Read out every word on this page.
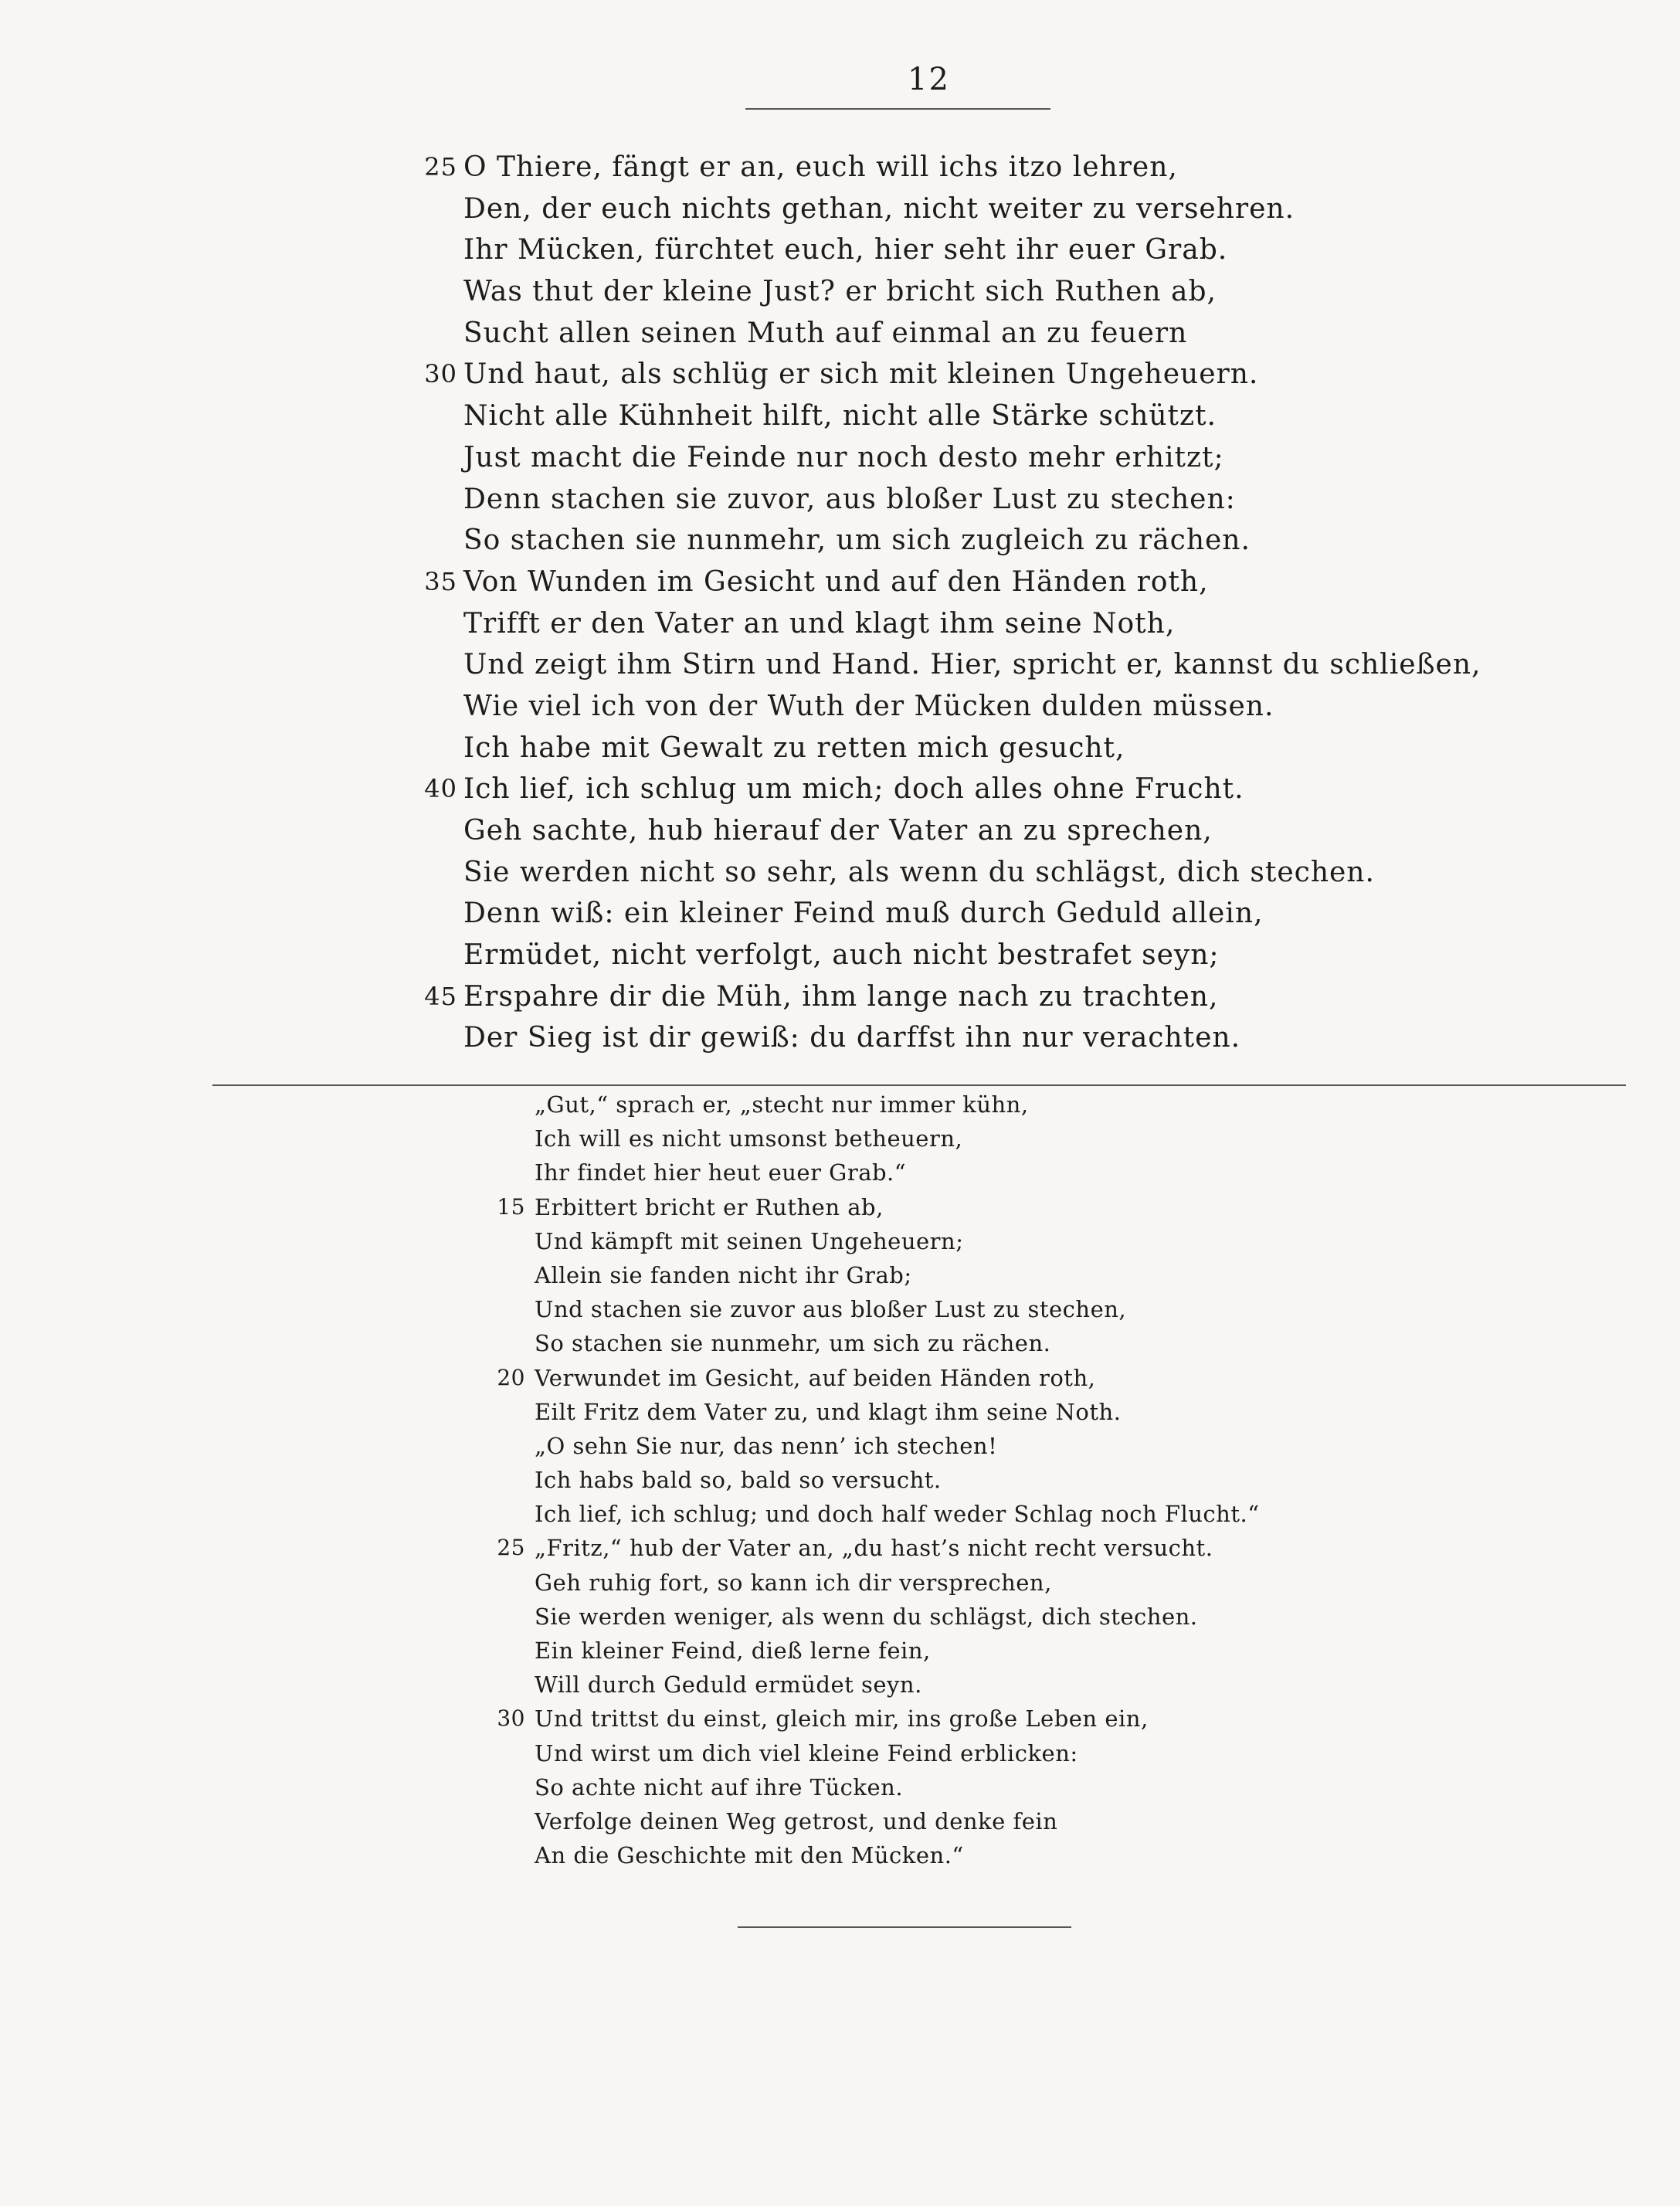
12
25 O Thiere, fängt er an, euch will ichs itzo lehren,
Den, der euch nichts gethan, nicht weiter zu versehren.
Ihr Mücken, fürchtet euch, hier seht ihr euer Grab.
Was thut der kleine Just? er bricht sich Ruthen ab,
Sucht allen seinen Muth auf einmal an zu feuern
30 Und haut, als schlüg er sich mit kleinen Ungeheuern.
Nicht alle Kühnheit hilft, nicht alle Stärke schützt.
Just macht die Feinde nur noch desto mehr erhitzt;
Denn stachen sie zuvor, aus bloßer Lust zu stechen:
So stachen sie nunmehr, um sich zugleich zu rächen.
35 Von Wunden im Gesicht und auf den Händen roth,
Trifft er den Vater an und klagt ihm seine Noth,
Und zeigt ihm Stirn und Hand. Hier, spricht er, kannst du schließen,
Wie viel ich von der Wuth der Mücken dulden müssen.
Ich habe mit Gewalt zu retten mich gesucht,
40 Ich lief, ich schlug um mich; doch alles ohne Frucht.
Geh sachte, hub hierauf der Vater an zu sprechen,
Sie werden nicht so sehr, als wenn du schlägst, dich stechen.
Denn wiß: ein kleiner Feind muß durch Geduld allein,
Ermüdet, nicht verfolgt, auch nicht bestrafet seyn;
45 Erspahre dir die Müh, ihm lange nach zu trachten,
Der Sieg ist dir gewiß: du darffst ihn nur verachten.
„Gut,“ sprach er, „stecht nur immer kühn,
Ich will es nicht umsonst betheuern,
Ihr findet hier heut euer Grab.“
15 Erbittert bricht er Ruthen ab,
Und kämpft mit seinen Ungeheuern;
Allein sie fanden nicht ihr Grab;
Und stachen sie zuvor aus bloßer Lust zu stechen,
So stachen sie nunmehr, um sich zu rächen.
20 Verwundet im Gesicht, auf beiden Händen roth,
Eilt Fritz dem Vater zu, und klagt ihm seine Noth.
„O sehn Sie nur, das nenn’ ich stechen!
Ich habs bald so, bald so versucht.
Ich lief, ich schlug; und doch half weder Schlag noch Flucht.“
25 „Fritz,“ hub der Vater an, „du hast’s nicht recht versucht.
Geh ruhig fort, so kann ich dir versprechen,
Sie werden weniger, als wenn du schlägst, dich stechen.
Ein kleiner Feind, dieß lerne fein,
Will durch Geduld ermüdet seyn.
30 Und trittst du einst, gleich mir, ins große Leben ein,
Und wirst um dich viel kleine Feind erblicken:
So achte nicht auf ihre Tücken.
Verfolge deinen Weg getrost, und denke fein
An die Geschichte mit den Mücken.“
